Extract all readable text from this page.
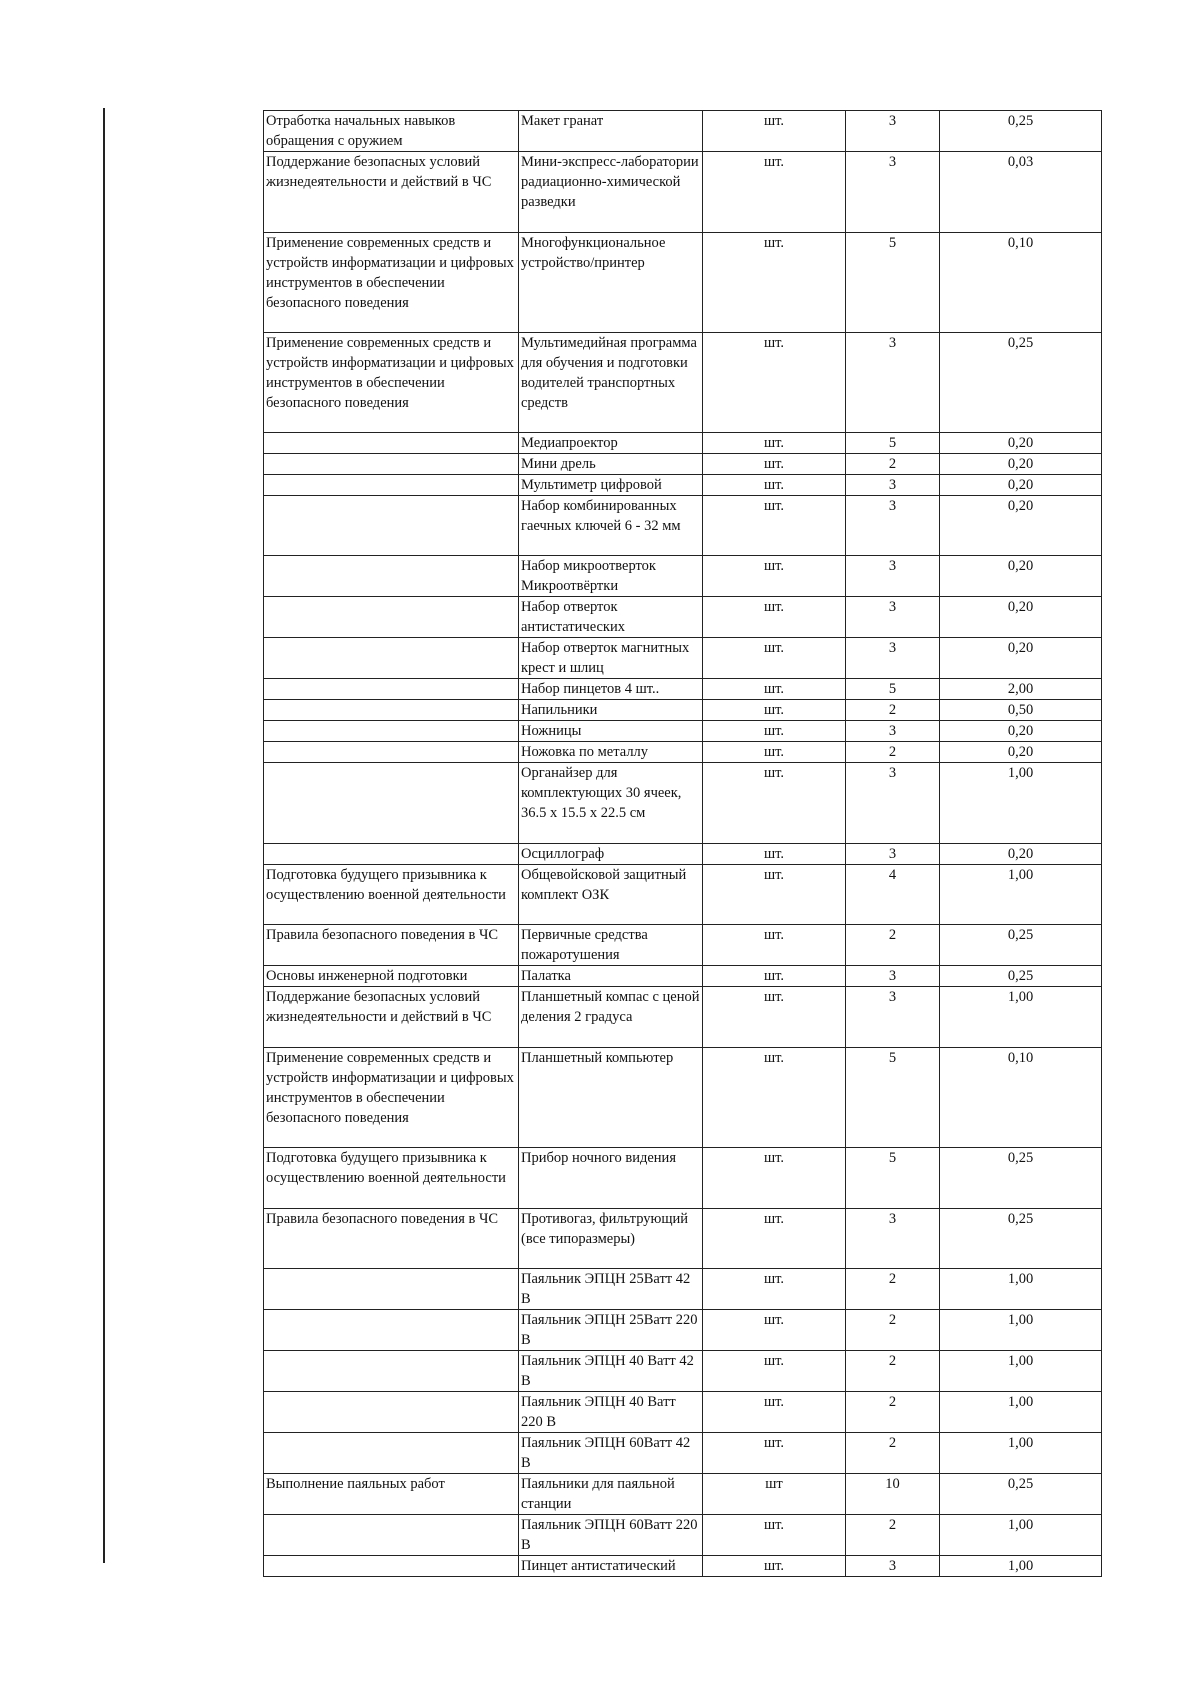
Отработка начальных навыков обращения с оружием	Макет гранат	шт.	3	0,25
Поддержание безопасных условий жизнедеятельности и действий в ЧС	Мини-экспресс-лаборатории радиационно-химической разведки	шт.	3	0,03
Применение современных средств и устройств информатизации и цифровых инструментов в обеспечении безопасного поведения	Многофункциональное устройство/принтер	шт.	5	0,10
Применение современных средств и устройств информатизации и цифровых инструментов в обеспечении безопасного поведения	Мультимедийная программа для обучения и подготовки водителей транспортных средств	шт.	3	0,25
	Медиапроектор	шт.	5	0,20
	Мини дрель	шт.	2	0,20
	Мультиметр цифровой	шт.	3	0,20
	Набор комбинированных гаечных ключей 6 - 32 мм	шт.	3	0,20
	Набор микроотверток Микроотвёртки	шт.	3	0,20
	Набор отверток антистатических	шт.	3	0,20
	Набор отверток магнитных крест и шлиц	шт.	3	0,20
	Набор пинцетов 4 шт..	шт.	5	2,00
	Напильники	шт.	2	0,50
	Ножницы	шт.	3	0,20
	Ножовка по металлу	шт.	2	0,20
	Органайзер для комплектующих 30 ячеек, 36.5 x 15.5 x 22.5 см	шт.	3	1,00
	Осциллограф	шт.	3	0,20
Подготовка будущего призывника к осуществлению военной деятельности	Общевойсковой защитный комплект ОЗК	шт.	4	1,00
Правила безопасного поведения в ЧС	Первичные средства пожаротушения	шт.	2	0,25
Основы инженерной подготовки	Палатка	шт.	3	0,25
Поддержание безопасных условий жизнедеятельности и действий в ЧС	Планшетный компас с ценой деления 2 градуса	шт.	3	1,00
Применение современных средств и устройств информатизации и цифровых инструментов в обеспечении безопасного поведения	Планшетный компьютер	шт.	5	0,10
Подготовка будущего призывника к осуществлению военной деятельности	Прибор ночного видения	шт.	5	0,25
Правила безопасного поведения в ЧС	Противогаз, фильтрующий (все типоразмеры)	шт.	3	0,25
	Паяльник ЭПЦН 25Ватт 42 В	шт.	2	1,00
	Паяльник ЭПЦН 25Ватт 220 В	шт.	2	1,00
	Паяльник ЭПЦН 40 Ватт 42 В	шт.	2	1,00
	Паяльник ЭПЦН 40 Ватт 220 В	шт.	2	1,00
	Паяльник ЭПЦН 60Ватт 42 В	шт.	2	1,00
Выполнение паяльных работ	Паяльники для паяльной станции	шт	10	0,25
	Паяльник ЭПЦН 60Ватт 220 В	шт.	2	1,00
	Пинцет антистатический	шт.	3	1,00
